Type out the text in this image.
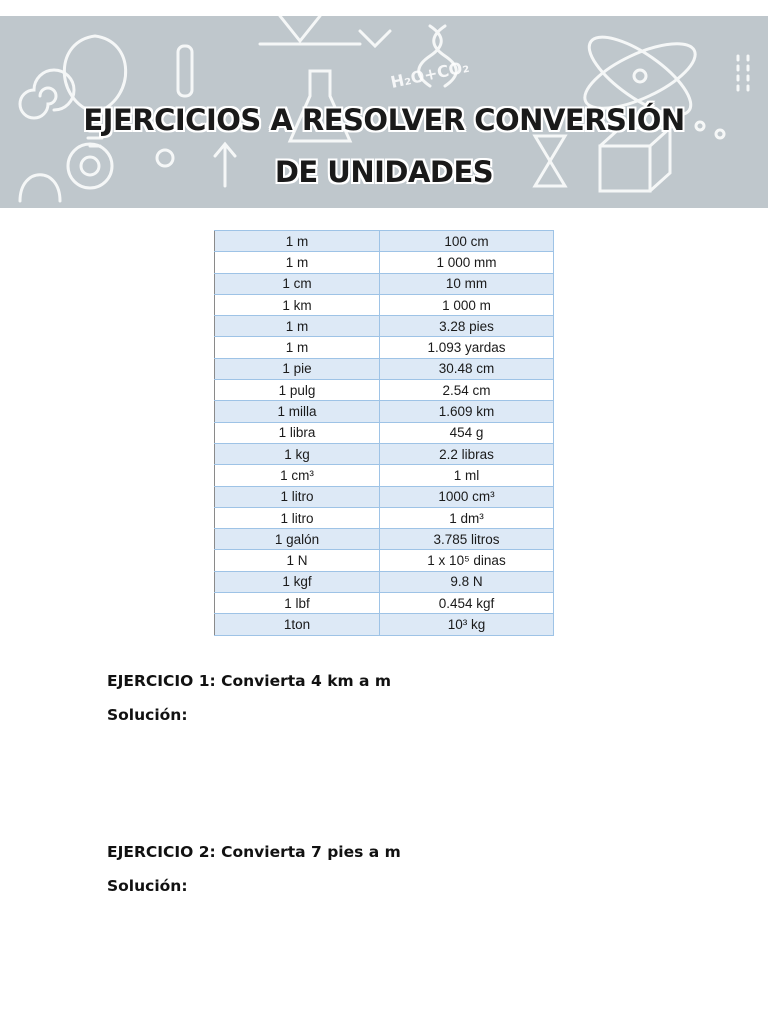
H₂O+CO₂
EJERCICIOS A RESOLVER CONVERSIÓN
DE UNIDADES
1 m	100 cm
1 m	1 000 mm
1 cm	10 mm
1 km	1 000 m
1 m	3.28 pies
1 m	1.093 yardas
1 pie	30.48 cm
1 pulg	2.54 cm
1 milla	1.609 km
1 libra	454 g
1 kg	2.2 libras
1 cm³	1 ml
1 litro	1000 cm³
1 litro	1 dm³
1 galón	3.785 litros
1 N	1 x 10⁵ dinas
1 kgf	9.8 N
1 lbf	0.454 kgf
1ton	10³ kg
EJERCICIO 1: Convierta 4 km a m
Solución:
EJERCICIO 2: Convierta 7 pies a m
Solución:
